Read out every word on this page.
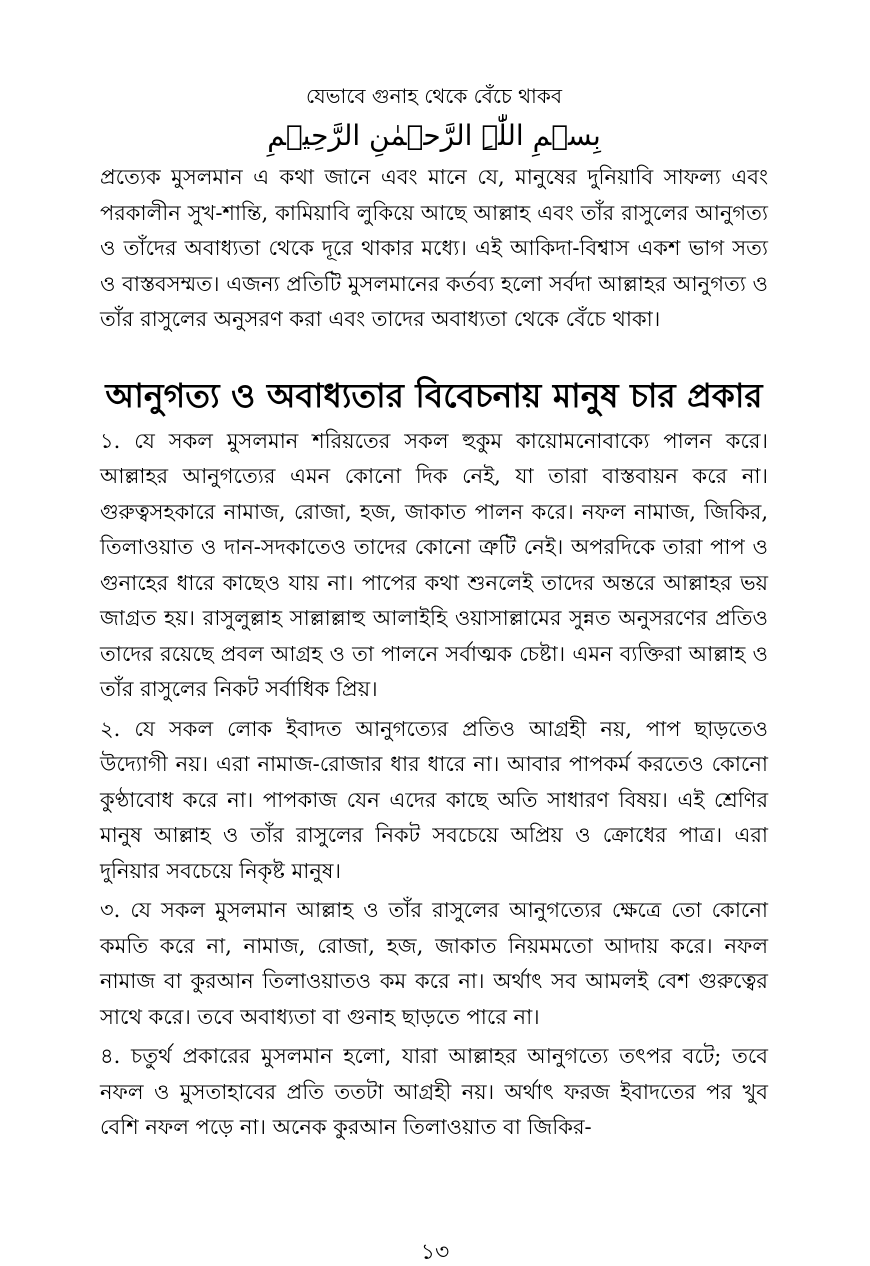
যেভাবে গুনাহ থেকে বেঁচে থাকব

بِسۡمِ اللّٰہِ الرَّحۡمٰنِ الرَّحِیۡمِ

প্রত্যেক মুসলমান এ কথা জানে এবং মানে যে, মানুষের দুনিয়াবি সাফল্য এবং পরকালীন সুখ-শান্তি, কামিয়াবি লুকিয়ে আছে আল্লাহ এবং তাঁর রাসুলের আনুগত্য ও তাঁদের অবাধ্যতা থেকে দূরে থাকার মধ্যে। এই আকিদা-বিশ্বাস একশ ভাগ সত্য ও বাস্তবসম্মত। এজন্য প্রতিটি মুসলমানের কর্তব্য হলো সর্বদা আল্লাহর আনুগত্য ও তাঁর রাসুলের অনুসরণ করা এবং তাদের অবাধ্যতা থেকে বেঁচে থাকা।

আনুগত্য ও অবাধ্যতার বিবেচনায় মানুষ চার প্রকার

১. যে সকল মুসলমান শরিয়তের সকল হুকুম কায়োমনোবাক্যে পালন করে। আল্লাহর আনুগত্যের এমন কোনো দিক নেই, যা তারা বাস্তবায়ন করে না। গুরুত্বসহকারে নামাজ, রোজা, হজ, জাকাত পালন করে। নফল নামাজ, জিকির, তিলাওয়াত ও দান-সদকাতেও তাদের কোনো ত্রুটি নেই। অপরদিকে তারা পাপ ও গুনাহের ধারে কাছেও যায় না। পাপের কথা শুনলেই তাদের অন্তরে আল্লাহর ভয় জাগ্রত হয়। রাসুলুল্লাহ সাল্লাল্লাহু আলাইহি ওয়াসাল্লামের সুন্নত অনুসরণের প্রতিও তাদের রয়েছে প্রবল আগ্রহ ও তা পালনে সর্বাত্মক চেষ্টা। এমন ব্যক্তিরা আল্লাহ ও তাঁর রাসুলের নিকট সর্বাধিক প্রিয়।

২. যে সকল লোক ইবাদত আনুগত্যের প্রতিও আগ্রহী নয়, পাপ ছাড়তেও উদ্যোগী নয়। এরা নামাজ-রোজার ধার ধারে না। আবার পাপকর্ম করতেও কোনো কুণ্ঠাবোধ করে না। পাপকাজ যেন এদের কাছে অতি সাধারণ বিষয়। এই শ্রেণির মানুষ আল্লাহ ও তাঁর রাসুলের নিকট সবচেয়ে অপ্রিয় ও ক্রোধের পাত্র। এরা দুনিয়ার সবচেয়ে নিকৃষ্ট মানুষ।

৩. যে সকল মুসলমান আল্লাহ ও তাঁর রাসুলের আনুগত্যের ক্ষেত্রে তো কোনো কমতি করে না, নামাজ, রোজা, হজ, জাকাত নিয়মমতো আদায় করে। নফল নামাজ বা কুরআন তিলাওয়াতও কম করে না। অর্থাৎ সব আমলই বেশ গুরুত্বের সাথে করে। তবে অবাধ্যতা বা গুনাহ ছাড়তে পারে না।

৪. চতুর্থ প্রকারের মুসলমান হলো, যারা আল্লাহর আনুগত্যে তৎপর বটে; তবে নফল ও মুসতাহাবের প্রতি ততটা আগ্রহী নয়। অর্থাৎ ফরজ ইবাদতের পর খুব বেশি নফল পড়ে না। অনেক কুরআন তিলাওয়াত বা জিকির-

১৩
